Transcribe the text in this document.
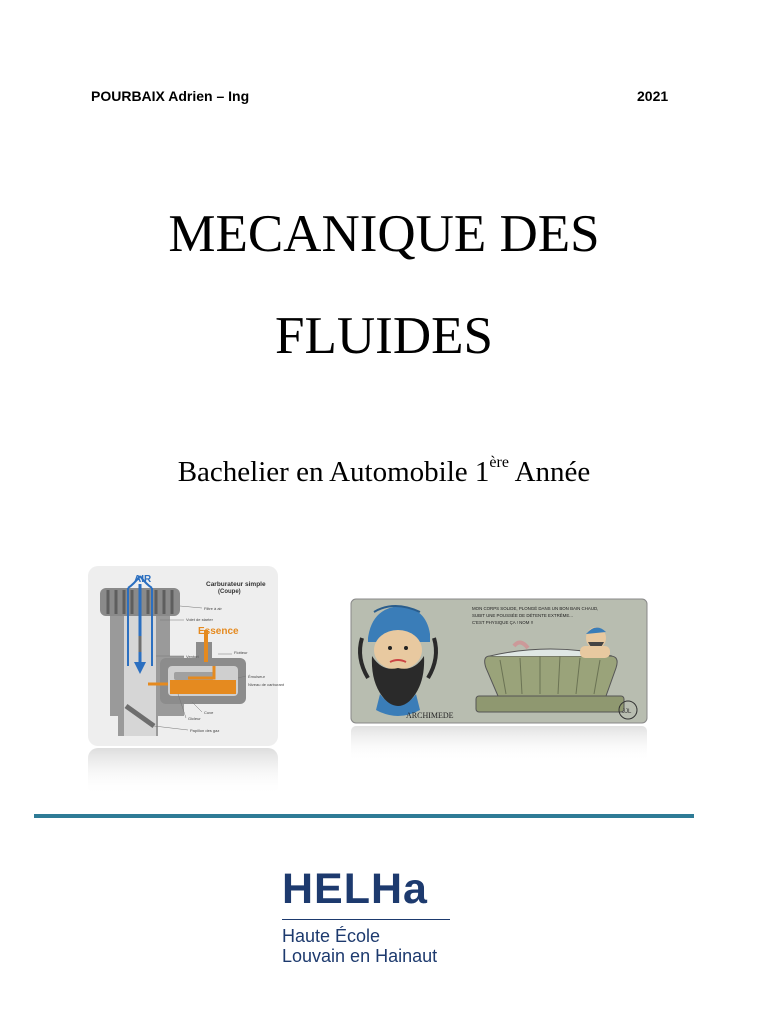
POURBAIX Adrien – Ing	2021
MECANIQUE DES
FLUIDES
Bachelier en Automobile 1ère Année
AIR	Carburateur simple
(Coupe)
Essence
Filtre à air
Volet de starter
Venturi
Flotteur
Cuve
Gicleur
Papillon des gaz
Émulseur
Niveau de carburant
MON CORPS SOLIDE, PLONGÉ DANS UN BON BAIN CHAUD,
SUBIT UNE POUSSÉE DE DÉTENTE EXTRÊME...
C'EST PHYSIQUE ÇA ! NOM !!
ARCHIMEDE	JJL
HELHa
Haute École
Louvain en Hainaut
